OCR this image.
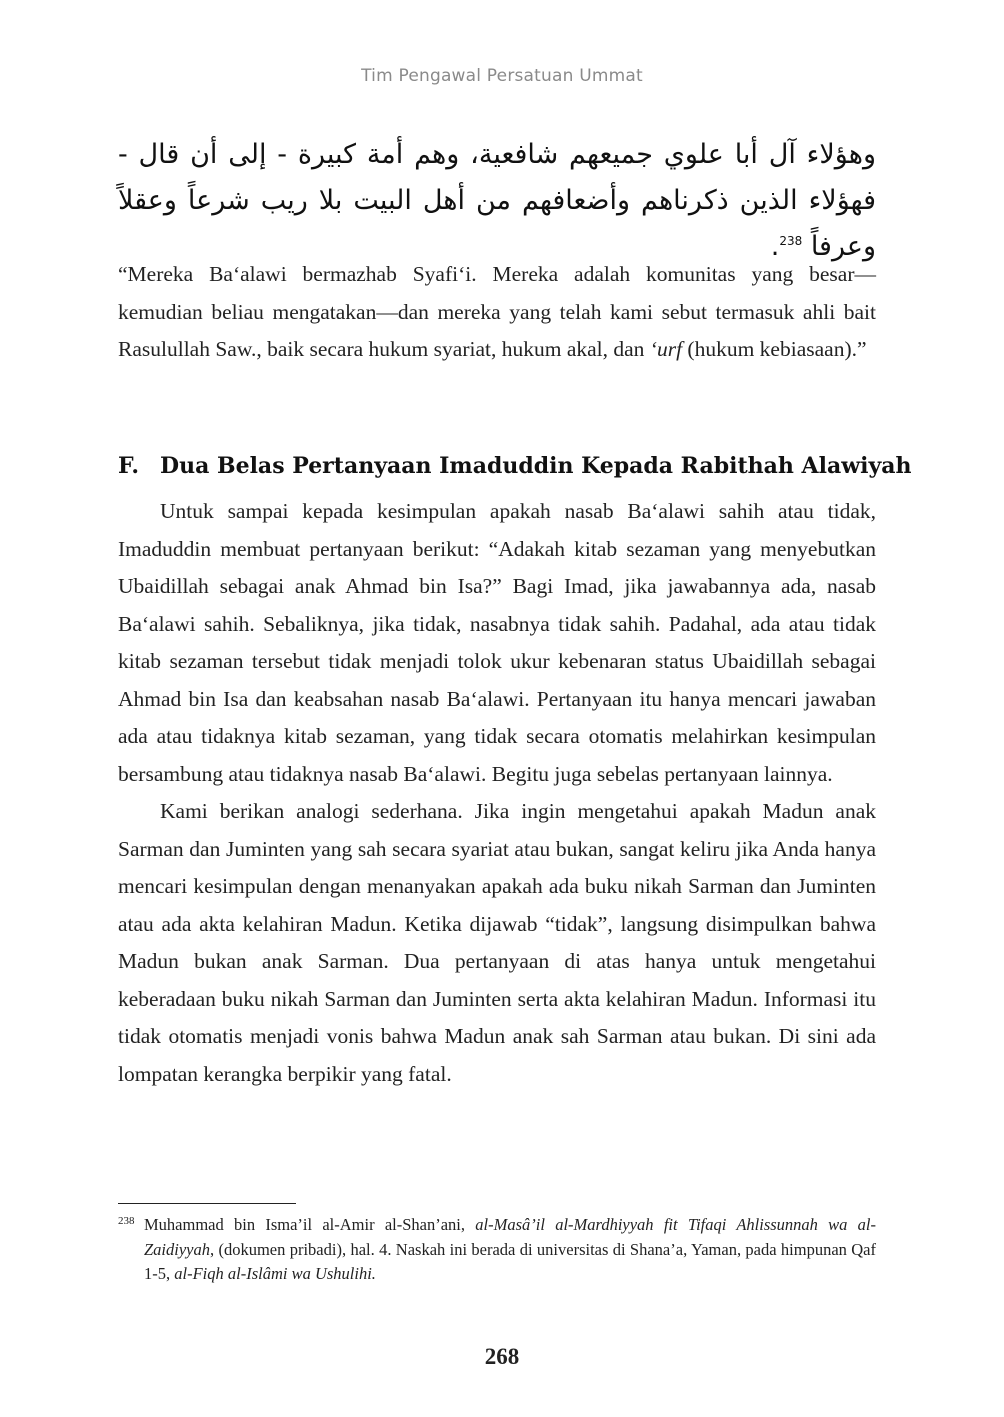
Tim Pengawal Persatuan Ummat
وهؤلاء آل أبا علوي جميعهم شافعية، وهم أمة كبيرة - إلى أن قال - فهؤلاء الذين ذكرناهم وأضعافهم من أهل البيت بلا ريب شرعاً وعقلاً وعرفاً $^{238}$.
“Mereka Ba‘alawi bermazhab Syafi‘i. Mereka adalah komunitas yang besar—kemudian beliau mengatakan—dan mereka yang telah kami sebut termasuk ahli bait Rasulullah Saw., baik secara hukum syariat, hukum akal, dan ‘urf (hukum kebiasaan).”
F. Dua Belas Pertanyaan Imaduddin Kepada Rabithah Alawiyah

Untuk sampai kepada kesimpulan apakah nasab Ba‘alawi sahih atau tidak, Imaduddin membuat pertanyaan berikut: “Adakah kitab sezaman yang menyebutkan Ubaidillah sebagai anak Ahmad bin Isa?” Bagi Imad, jika jawabannya ada, nasab Ba‘alawi sahih. Sebaliknya, jika tidak, nasabnya tidak sahih. Padahal, ada atau tidak kitab sezaman tersebut tidak menjadi tolok ukur kebenaran status Ubaidillah sebagai Ahmad bin Isa dan keabsahan nasab Ba‘alawi. Pertanyaan itu hanya mencari jawaban ada atau tidaknya kitab sezaman, yang tidak secara otomatis melahirkan kesimpulan bersambung atau tidaknya nasab Ba‘alawi. Begitu juga sebelas pertanyaan lainnya.

Kami berikan analogi sederhana. Jika ingin mengetahui apakah Madun anak Sarman dan Juminten yang sah secara syariat atau bukan, sangat keliru jika Anda hanya mencari kesimpulan dengan menanyakan apakah ada buku nikah Sarman dan Juminten atau ada akta kelahiran Madun. Ketika dijawab “tidak”, langsung disimpulkan bahwa Madun bukan anak Sarman. Dua pertanyaan di atas hanya untuk mengetahui keberadaan buku nikah Sarman dan Juminten serta akta kelahiran Madun. Informasi itu tidak otomatis menjadi vonis bahwa Madun anak sah Sarman atau bukan. Di sini ada lompatan kerangka berpikir yang fatal.

238 Muhammad bin Isma’il al-Amir al-Shan’ani, al-Masâ’il al-Mardhiyyah fit Tifaqi Ahlissunnah wa al-Zaidiyyah, (dokumen pribadi), hal. 4. Naskah ini berada di universitas di Shana’a, Yaman, pada himpunan Qaf 1-5, al-Fiqh al-Islâmi wa Ushulihi.
268
